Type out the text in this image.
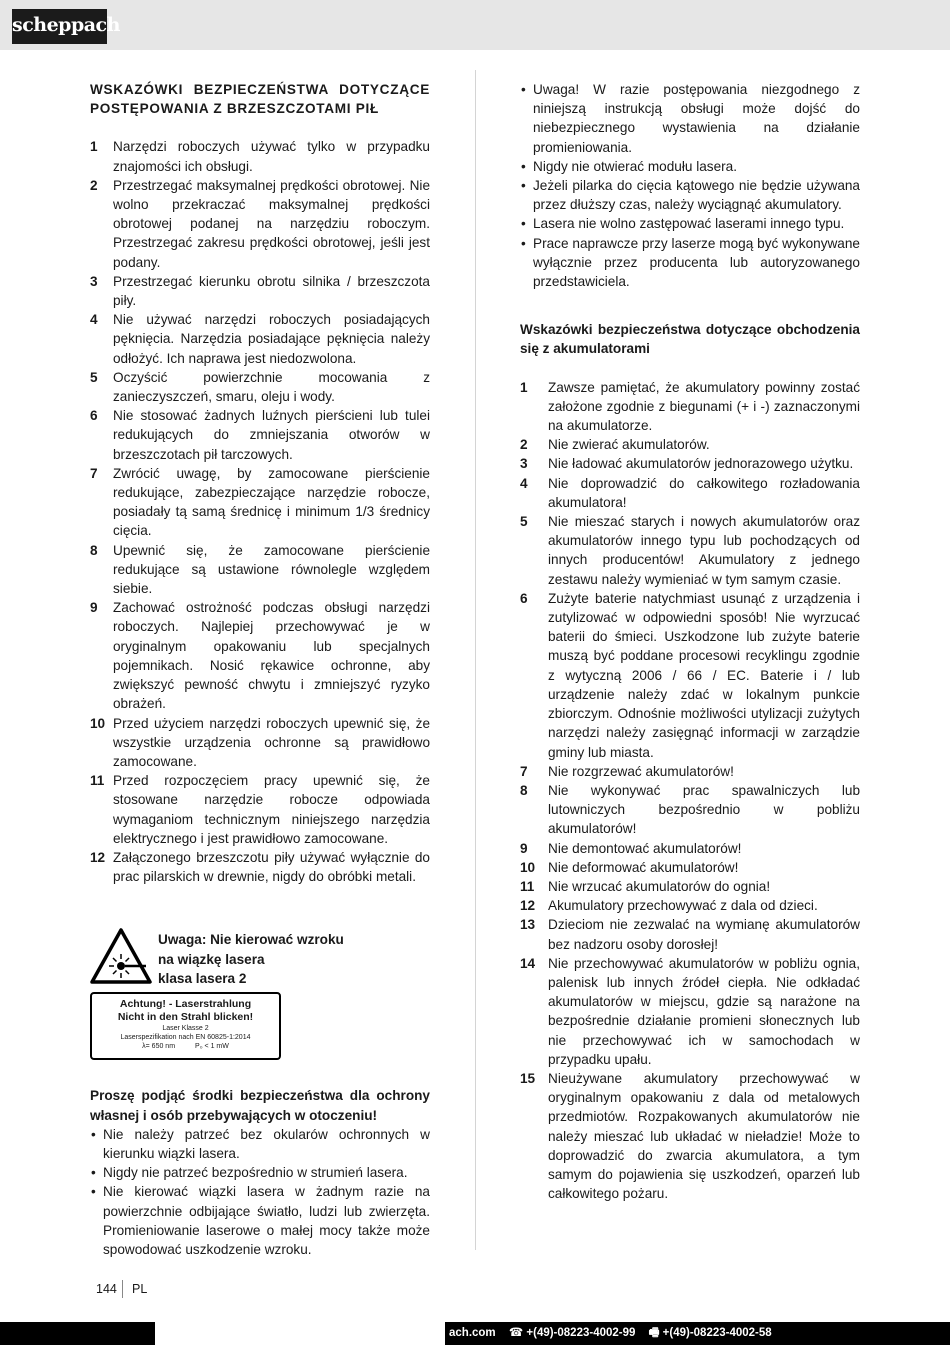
scheppach

WSKAZÓWKI BEZPIECZEŃSTWA DOTYCZĄCE POSTĘPOWANIA Z BRZESZCZOTAMI PIŁ

1 Narzędzi roboczych używać tylko w przypadku znajomości ich obsługi.
2 Przestrzegać maksymalnej prędkości obrotowej. Nie wolno przekraczać maksymalnej prędkości obrotowej podanej na narzędziu roboczym. Przestrzegać zakresu prędkości obrotowej, jeśli jest podany.
3 Przestrzegać kierunku obrotu silnika / brzeszczota piły.
4 Nie używać narzędzi roboczych posiadających pęknięcia. Narzędzia posiadające pęknięcia należy odłożyć. Ich naprawa jest niedozwolona.
5 Oczyścić powierzchnie mocowania z zanieczyszczeń, smaru, oleju i wody.
6 Nie stosować żadnych luźnych pierścieni lub tulei redukujących do zmniejszania otworów w brzeszczotach pił tarczowych.
7 Zwrócić uwagę, by zamocowane pierścienie redukujące, zabezpieczające narzędzie robocze, posiadały tą samą średnicę i minimum 1/3 średnicy cięcia.
8 Upewnić się, że zamocowane pierścienie redukujące są ustawione równolegle względem siebie.
9 Zachować ostrożność podczas obsługi narzędzi roboczych. Najlepiej przechowywać je w oryginalnym opakowaniu lub specjalnych pojemnikach. Nosić rękawice ochronne, aby zwiększyć pewność chwytu i zmniejszyć ryzyko obrażeń.
10 Przed użyciem narzędzi roboczych upewnić się, że wszystkie urządzenia ochronne są prawidłowo zamocowane.
11 Przed rozpoczęciem pracy upewnić się, że stosowane narzędzie robocze odpowiada wymaganiom technicznym niniejszego narzędzia elektrycznego i jest prawidłowo zamocowane.
12 Załączonego brzeszczotu piły używać wyłącznie do prac pilarskich w drewnie, nigdy do obróbki metali.
Uwaga: Nie kierować wzroku
na wiązkę lasera
klasa lasera 2
Achtung! - Laserstrahlung
Nicht in den Strahl blicken!
Laser Klasse 2
Laserspezifikation nach EN 60825-1:2014
λ= 650 nm	P₀ < 1 mW

Proszę podjąć środki bezpieczeństwa dla ochrony własnej i osób przebywających w otoczeniu!

• Nie należy patrzeć bez okularów ochronnych w kierunku wiązki lasera.
• Nigdy nie patrzeć bezpośrednio w strumień lasera.
• Nie kierować wiązki lasera w żadnym razie na powierzchnie odbijające światło, ludzi lub zwierzęta. Promieniowanie laserowe o małej mocy także może spowodować uszkodzenie wzroku.
• Uwaga! W razie postępowania niezgodnego z niniejszą instrukcją obsługi może dojść do niebezpiecznego wystawienia na działanie promieniowania.
• Nigdy nie otwierać modułu lasera.
• Jeżeli pilarka do cięcia kątowego nie będzie używana przez dłuższy czas, należy wyciągnąć akumulatory.
• Lasera nie wolno zastępować laserami innego typu.
• Prace naprawcze przy laserze mogą być wykonywane wyłącznie przez producenta lub autoryzowanego przedstawiciela.

Wskazówki bezpieczeństwa dotyczące obchodzenia się z akumulatorami

1 Zawsze pamiętać, że akumulatory powinny zostać założone zgodnie z biegunami (+ i -) zaznaczonymi na akumulatorze.
2 Nie zwierać akumulatorów.
3 Nie ładować akumulatorów jednorazowego użytku.
4 Nie doprowadzić do całkowitego rozładowania akumulatora!
5 Nie mieszać starych i nowych akumulatorów oraz akumulatorów innego typu lub pochodzących od innych producentów! Akumulatory z jednego zestawu należy wymieniać w tym samym czasie.
6 Zużyte baterie natychmiast usunąć z urządzenia i zutylizować w odpowiedni sposób! Nie wyrzucać baterii do śmieci. Uszkodzone lub zużyte baterie muszą być poddane procesowi recyklingu zgodnie z wytyczną 2006 / 66 / EC. Baterie i / lub urządzenie należy zdać w lokalnym punkcie zbiorczym. Odnośnie możliwości utylizacji zużytych narzędzi należy zasięgnąć informacji w zarządzie gminy lub miasta.
7 Nie rozgrzewać akumulatorów!
8 Nie wykonywać prac spawalniczych lub lutowniczych bezpośrednio w pobliżu akumulatorów!
9 Nie demontować akumulatorów!
10 Nie deformować akumulatorów!
11 Nie wrzucać akumulatorów do ognia!
12 Akumulatory przechowywać z dala od dzieci.
13 Dzieciom nie zezwalać na wymianę akumulatorów bez nadzoru osoby dorosłej!
14 Nie przechowywać akumulatorów w pobliżu ognia, palenisk lub innych źródeł ciepła. Nie odkładać akumulatorów w miejscu, gdzie są narażone na bezpośrednie działanie promieni słonecznych lub nie przechowywać ich w samochodach w przypadku upału.
15 Nieużywane akumulatory przechowywać w oryginalnym opakowaniu z dala od metalowych przedmiotów. Rozpakowanych akumulatorów nie należy mieszać lub układać w nieładzie! Może to doprowadzić do zwarcia akumulatora, a tym samym do pojawienia się uszkodzeń, oparzeń lub całkowitego pożaru.
144 PL
ach.com ☎ +(49)-08223-4002-99 🖷 +(49)-08223-4002-58
